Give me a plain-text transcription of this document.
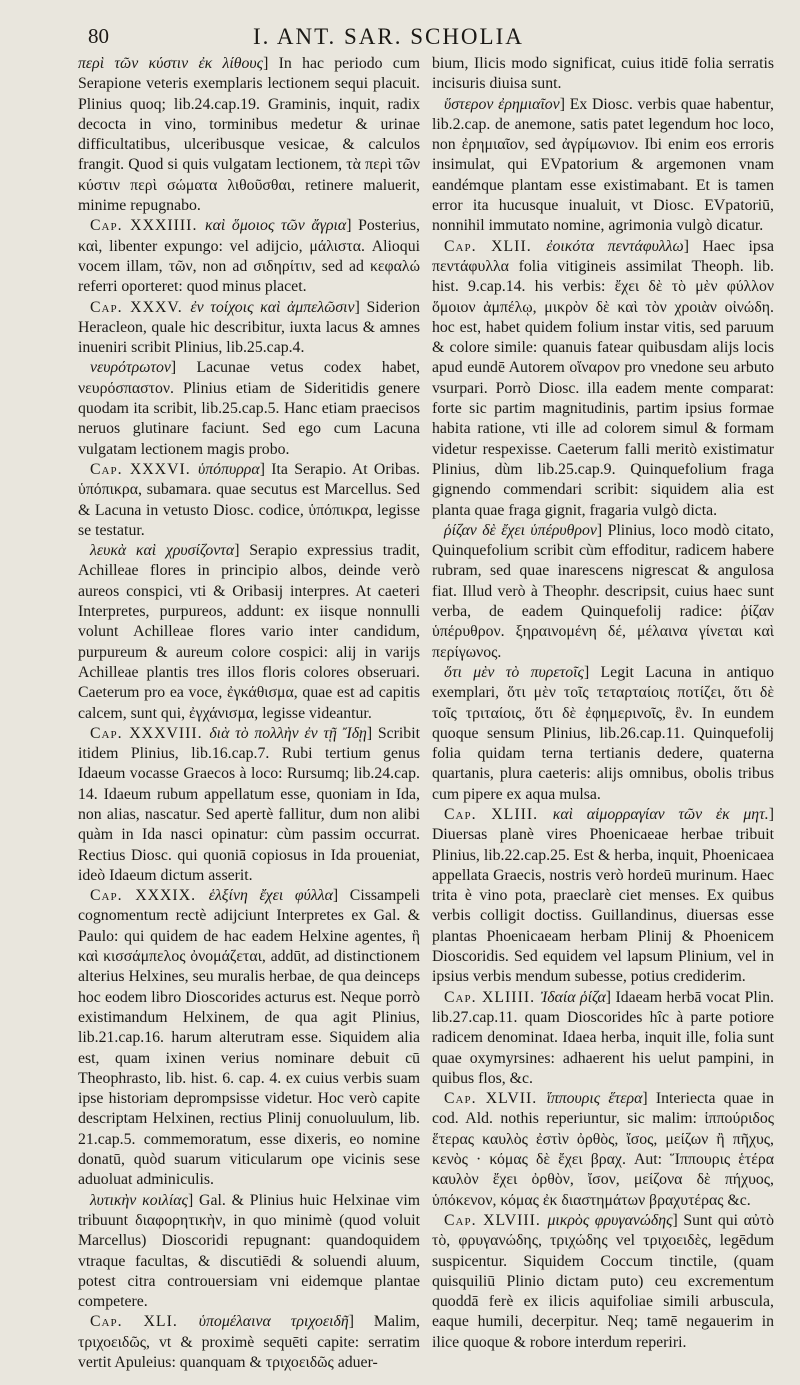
80	I. ANT. SAR. SCHOLIA

περὶ τῶν κύστιν ἐκ λίθους] In hac periodo cum Serapione veteris exemplaris lectionem sequi placuit. Plinius quoq; lib.24.cap.19. Graminis, inquit, radix decocta in vino, torminibus medetur & urinae difficultatibus, ulceribusque vesicae, & calculos frangit. Quod si quis vulgatam lectionem, τὰ περὶ τῶν κύστιν περὶ σώματα λιθοῦσθαι, retinere maluerit, minime repugnabo.

Cap. XXXIIII. καὶ ὅμοιος τῶν ἄγρια] Posterius, καὶ, libenter expungo: vel adijcio, μάλιστα. Alioqui vocem illam, τῶν, non ad σιδηρίτιν, sed ad κεφαλώ referri oporteret: quod minus placet.

Cap. XXXV. ἐν τοίχοις καὶ ἀμπελῶσιν] Siderion Heracleon, quale hic describitur, iuxta lacus & amnes inueniri scribit Plinius, lib.25.cap.4.

νευρότρωτον] Lacunae vetus codex habet, νευρόσπαστον. Plinius etiam de Sideritidis genere quodam ita scribit, lib.25.cap.5. Hanc etiam praecisos neruos glutinare faciunt. Sed ego cum Lacuna vulgatam lectionem magis probo.

Cap. XXXVI. ὑπόπυρρα] Ita Serapio. At Oribas. ὑπόπικρα, subamara. quae secutus est Marcellus. Sed & Lacuna in vetusto Diosc. codice, ὑπόπικρα, legisse se testatur.

λευκὰ καὶ χρυσίζοντα] Serapio expressius tradit, Achilleae flores in principio albos, deinde verò aureos conspici, vti & Oribasij interpres. At caeteri Interpretes, purpureos, addunt: ex iisque nonnulli volunt Achilleae flores vario inter candidum, purpureum & aureum colore cospici: alij in varijs Achilleae plantis tres illos floris colores obseruari. Caeterum pro ea voce, ἐγκάθισμα, quae est ad capitis calcem, sunt qui, ἐγχάνισμα, legisse videantur.

Cap. XXXVIII. διὰ τὸ πολλὴν ἐν τῇ Ἴδῃ] Scribit itidem Plinius, lib.16.cap.7. Rubi tertium genus Idaeum vocasse Graecos à loco: Rursumq; lib.24.cap. 14. Idaeum rubum appellatum esse, quoniam in Ida, non alias, nascatur. Sed apertè fallitur, dum non alibi quàm in Ida nasci opinatur: cùm passim occurrat. Rectius Diosc. qui quoniā copiosus in Ida proueniat, ideò Idaeum dictum asserit.

Cap. XXXIX. ἑλξίνη ἔχει φύλλα] Cissampeli cognomentum rectè adijciunt Interpretes ex Gal. & Paulo: qui quidem de hac eadem Helxine agentes, ἣ καὶ κισσάμπελος ὀνομάζεται, addūt, ad distinctionem alterius Helxines, seu muralis herbae, de qua deinceps hoc eodem libro Dioscorides acturus est. Neque porrò existimandum Helxinem, de qua agit Plinius, lib.21.cap.16. harum alterutram esse. Siquidem alia est, quam ixinen verius nominare debuit cū Theophrasto, lib. hist. 6. cap. 4. ex cuius verbis suam ipse historiam deprompsisse videtur. Hoc verò capite descriptam Helxinen, rectius Plinij conuoluulum, lib. 21.cap.5. commemoratum, esse dixeris, eo nomine donatū, quòd suarum viticularum ope vicinis sese aduoluat adminiculis.

λυτικὴν κοιλίας] Gal. & Plinius huic Helxinae vim tribuunt διαφορητικὴν, in quo minimè (quod voluit Marcellus) Dioscoridi repugnant: quandoquidem vtraque facultas, & discutiēdi & soluendi aluum, potest citra controuersiam vni eidemque plantae competere.

Cap. XLI. ὑπομέλαινα τριχοειδῆ] Malim, τριχοειδῶς, vt & proximè sequēti capite: serratim vertit Apuleius: quanquam & τριχοειδῶς aduer-

bium, Ilicis modo significat, cuius itidē folia serratis incisuris diuisa sunt.

ὕστερον ἐρημιαῖον] Ex Diosc. verbis quae habentur, lib.2.cap. de anemone, satis patet legendum hoc loco, non ἐρημιαῖον, sed ἀγρίμωνιον. Ibi enim eos erroris insimulat, qui EVpatorium & argemonen vnam eandémque plantam esse existimabant. Et is tamen error ita hucusque inualuit, vt Diosc. EVpatoriū, nonnihil immutato nomine, agrimonia vulgò dicatur.

Cap. XLII. ἐοικότα πεντάφυλλω] Haec ipsa πεντάφυλλα folia vitigineis assimilat Theoph. lib. hist. 9.cap.14. his verbis: ἔχει δὲ τὸ μὲν φύλλον ὅμοιον ἀμπέλῳ, μικρὸν δὲ καὶ τὸν χροιὰν οἰνώδη. hoc est, habet quidem folium instar vitis, sed paruum & colore simile: quanuis fatear quibusdam alijs locis apud eundē Autorem οἴναρον pro vnedone seu arbuto vsurpari. Porrò Diosc. illa eadem mente comparat: forte sic partim magnitudinis, partim ipsius formae habita ratione, vti ille ad colorem simul & formam videtur respexisse. Caeterum falli meritò existimatur Plinius, dùm lib.25.cap.9. Quinquefolium fraga gignendo commendari scribit: siquidem alia est planta quae fraga gignit, fragaria vulgò dicta.

ῥίζαν δὲ ἔχει ὑπέρυθρον] Plinius, loco modò citato, Quinquefolium scribit cùm effoditur, radicem habere rubram, sed quae inarescens nigrescat & angulosa fiat. Illud verò à Theophr. descripsit, cuius haec sunt verba, de eadem Quinquefolij radice: ῥίζαν ὑπέρυθρον. ξηραινομένη δέ, μέλαινα γίνεται καὶ περίγωνος.

ὅτι μὲν τὸ πυρετοῖς] Legit Lacuna in antiquo exemplari, ὅτι μὲν τοῖς τεταρταίοις ποτίζει, ὅτι δὲ τοῖς τριταίοις, ὅτι δὲ ἐφημερινοῖς, ἓν. In eundem quoque sensum Plinius, lib.26.cap.11. Quinquefolij folia quidam terna tertianis dedere, quaterna quartanis, plura caeteris: alijs omnibus, obolis tribus cum pipere ex aqua mulsa.

Cap. XLIII. καὶ αἱμορραγίαν τῶν ἐκ μητ.] Diuersas planè vires Phoenicaeae herbae tribuit Plinius, lib.22.cap.25. Est & herba, inquit, Phoenicaea appellata Graecis, nostris verò hordeū murinum. Haec trita è vino pota, praeclarè ciet menses. Ex quibus verbis colligit doctiss. Guillandinus, diuersas esse plantas Phoenicaeam herbam Plinij & Phoenicem Dioscoridis. Sed equidem vel lapsum Plinium, vel in ipsius verbis mendum subesse, potius crediderim.

Cap. XLIIII. Ἰδαία ῥίζα] Idaeam herbā vocat Plin. lib.27.cap.11. quam Dioscorides hîc à parte potiore radicem denominat. Idaea herba, inquit ille, folia sunt quae oxymyrsines: adhaerent his uelut pampini, in quibus flos, &c.

Cap. XLVII. ἵππουρις ἕτερα] Interiecta quae in cod. Ald. nothis reperiuntur, sic malim: ἱππούριδος ἕτερας καυλὸς ἐστὶν ὀρθὸς, ἴσος, μείζων ἢ πῆχυς, κενὸς · κόμας δὲ ἔχει βραχ. Aut: Ἵππουρις ἑτέρα καυλὸν ἔχει ὀρθὸν, ἴσον, μείζονα δὲ πήχυος, ὑπόκενον, κόμας ἐκ διαστημάτων βραχυτέρας &c.

Cap. XLVIII. μικρὸς φρυγανώδης] Sunt qui αὐτὸ τὸ, φρυγανώδης, τριχώδης vel τριχοειδὲς, legēdum suspicentur. Siquidem Coccum tinctile, (quam quisquiliū Plinio dictam puto) ceu excrementum quoddā ferè ex ilicis aquifoliae simili arbuscula, eaque humili, decerpitur. Neq; tamē negauerim in ilice quoque & robore interdum reperiri.
